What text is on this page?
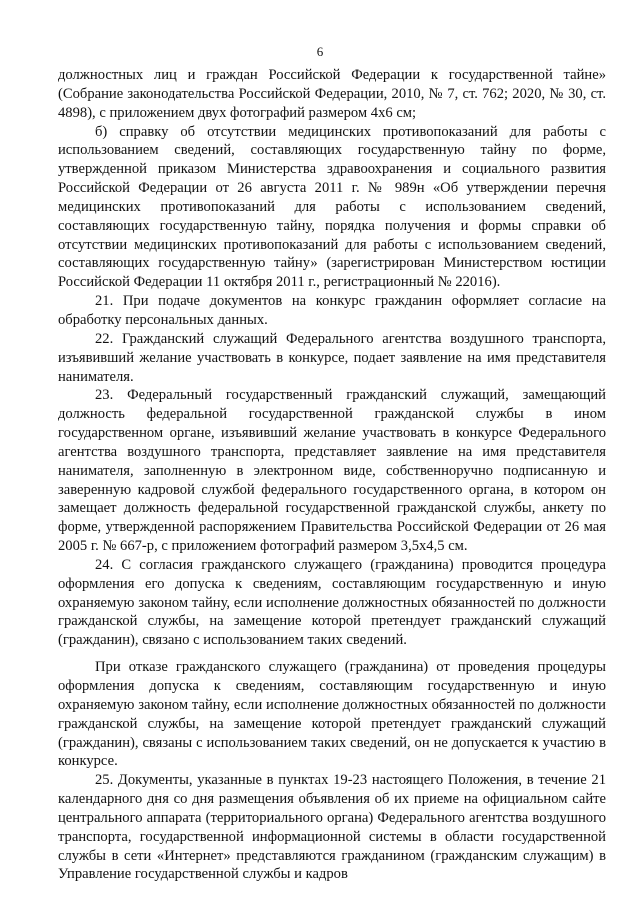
6

должностных лиц и граждан Российской Федерации к государственной тайне» (Собрание законодательства Российской Федерации, 2010, № 7, ст. 762; 2020, № 30, ст. 4898), с приложением двух фотографий размером 4х6 см;

б) справку об отсутствии медицинских противопоказаний для работы с использованием сведений, составляющих государственную тайну по форме, утвержденной приказом Министерства здравоохранения и социального развития Российской Федерации от 26 августа 2011 г. № 989н «Об утверждении перечня медицинских противопоказаний для работы с использованием сведений, составляющих государственную тайну, порядка получения и формы справки об отсутствии медицинских противопоказаний для работы с использованием сведений, составляющих государственную тайну» (зарегистрирован Министерством юстиции Российской Федерации 11 октября 2011 г., регистрационный № 22016).

21. При подаче документов на конкурс гражданин оформляет согласие на обработку персональных данных.

22. Гражданский служащий Федерального агентства воздушного транспорта, изъявивший желание участвовать в конкурсе, подает заявление на имя представителя нанимателя.

23. Федеральный государственный гражданский служащий, замещающий должность федеральной государственной гражданской службы в ином государственном органе, изъявивший желание участвовать в конкурсе Федерального агентства воздушного транспорта, представляет заявление на имя представителя нанимателя, заполненную в электронном виде, собственноручно подписанную и заверенную кадровой службой федерального государственного органа, в котором он замещает должность федеральной государственной гражданской службы, анкету по форме, утвержденной распоряжением Правительства Российской Федерации от 26 мая 2005 г. № 667-р, с приложением фотографий размером 3,5х4,5 см.

24. С согласия гражданского служащего (гражданина) проводится процедура оформления его допуска к сведениям, составляющим государственную и иную охраняемую законом тайну, если исполнение должностных обязанностей по должности гражданской службы, на замещение которой претендует гражданский служащий (гражданин), связано с использованием таких сведений.

При отказе гражданского служащего (гражданина) от проведения процедуры оформления допуска к сведениям, составляющим государственную и иную охраняемую законом тайну, если исполнение должностных обязанностей по должности гражданской службы, на замещение которой претендует гражданский служащий (гражданин), связаны с использованием таких сведений, он не допускается к участию в конкурсе.

25. Документы, указанные в пунктах 19-23 настоящего Положения, в течение 21 календарного дня со дня размещения объявления об их приеме на официальном сайте центрального аппарата (территориального органа) Федерального агентства воздушного транспорта, государственной информационной системы в области государственной службы в сети «Интернет» представляются гражданином (гражданским служащим) в Управление государственной службы и кадров
